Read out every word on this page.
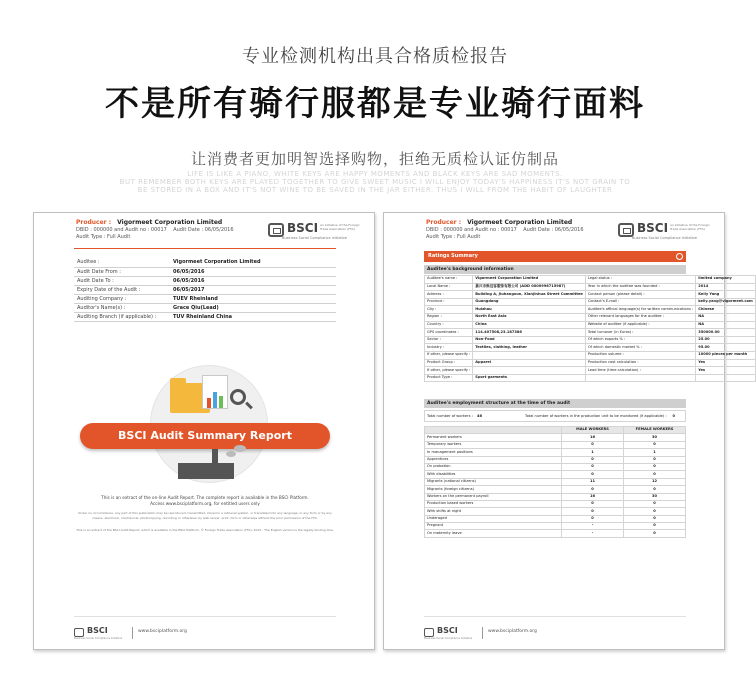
专业检测机构出具合格质检报告
不是所有骑行服都是专业骑行面料
让消费者更加明智选择购物，拒绝无质检认证仿制品
LIFE IS LIKE A PIANO, WHITE KEYS ARE HAPPY MOMENTS AND BLACK KEYS ARE SAD MOMENTS.
BUT REMEMBER BOTH KEYS ARE PLAYED TOGETHER TO GIVE SWEET MUSIC I WILL ENJOY TODAY'S HAPPINESS IT'S NOT GRAIN TO
BE STORED IN A BOX AND IT'S NOT WINE TO BE SAVED IN THE JAR EITHER. THUS I WILL FROM THE HABIT OF LAUGHTER
Producer : Vigormeet Corporation Limited
DBID : 000000 and Audit no : 00017 Audit Date : 06/05/2016
Audit Type : Full Audit
BSCI an initiative of the Foreign Trade Association (FTA)
Business Social Compliance Initiative
Auditee :	Vigormeet Corporation Limited
Audit Date From :	06/05/2016
Audit Date To :	06/05/2016
Expiry Date of the Audit :	06/05/2017
Auditing Company :	TUEV Rheinland
Auditor's Name(s) :	Grace Qiu(Lead)
Auditing Branch (if applicable) :	TUV Rheinland China
BSCI Audit Summary Report
This is an extract of the on-line Audit Report. The complete report is available in the BSCI Platform.
Access www.bsciplatform.org, for entitled users only
Under no circumstance, any part of this publication may be reproduced, transmitted, stored in a retrieval system, or translated into any language, in any form or by any means, electronic, mechanical, photocopying, recording or otherwise, by web server, print, form or otherwise without the prior permission of the FTA.
This is an extract of the BSCI Audit Report, which is available in the BSCI Platform. © Foreign Trade Association (FTA), 2015 - The English version is the legally binding One.
BSCI	www.bsciplatform.org
Business Social Compliance Initiative
Producer : Vigormeet Corporation Limited
DBID : 000000 and Audit no : 00017 Audit Date : 06/05/2016
Audit Type : Full Audit
BSCI an initiative of the Foreign Trade Association (FTA)
Business Social Compliance Initiative
Ratings Summary
Auditee's background information
Auditee's name :	Vigormeet Corporation Limited	Legal status :	limited company
Local Name :	嘉兴市维迈客服饰有限公司 (ADD 0000996715987)	Year in which the auditee was founded :	2014
Address :	Building A, Jiuhangxun, Xianjinhua Street Committee	Contact person (please detail) :	Kelly Yang
Province :	Guangdong	Contact's E-mail :	kelly.yang@vigormeet.com
City :	Huizhou	Auditee's official language(s) for written communications :	Chinese
Region :	North East Asia	Other relevant languages for the auditee :	NA
Country :	China	Website of auditee (if applicable) :	NA
GPS coordinates :	114.407508,23.187386	Total turnover (in Euros) :	350000.00
Sector :	Non-Food	Of which exports % :	25.00
Industry :	Textiles, clothing, leather	Of which domestic market % :	95.00
If other, please specify :		Production volume :	10000 pieces per month
Product Group :	Apparel	Production cost calculation :	Yes
If other, please specify :		Lead time (time calculation) :	Yes
Product Type :	Sport garments		
Auditee's employment structure at the time of the audit
Total number of workers : 46	Total number of workers in the production unit to be monitored (if applicable) : 0
	MALE WORKERS	FEMALE WORKERS
Permanent workers	16	30
Temporary workers	0	0
In management positions	1	1
Apprentices	0	0
On probation	0	0
With disabilities	0	0
Migrants (national citizens)	11	12
Migrants (foreign citizens)	0	0
Workers on the permanent payroll	16	30
Production based workers	0	0
With shifts at night	0	0
Underaged	0	0
Pregnant	-	0
On maternity leave	-	0
BSCI	www.bsciplatform.org
Business Social Compliance Initiative
